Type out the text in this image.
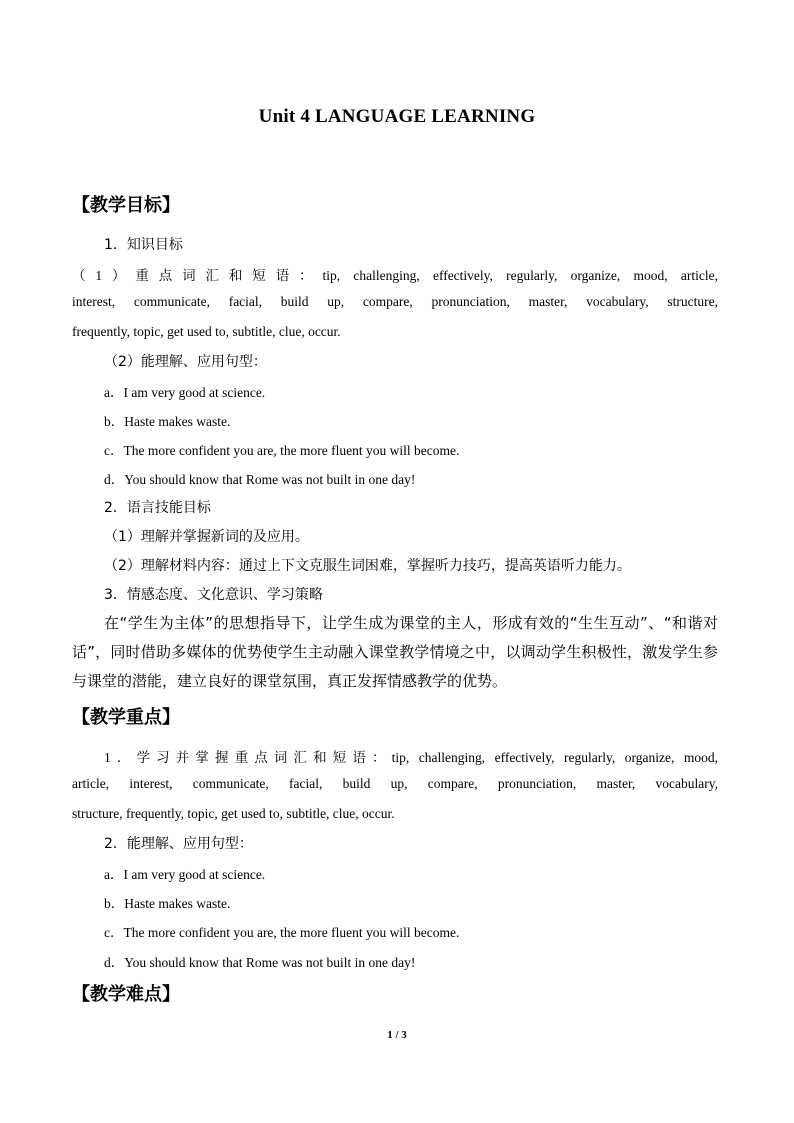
Unit 4 LANGUAGE LEARNING
【教学目标】
1．知识目标
（1）重点词汇和短语：tip, challenging, effectively, regularly, organize, mood, article,
interest, communicate, facial, build up, compare, pronunciation, master, vocabulary, structure,
frequently, topic, get used to, subtitle, clue, occur.
（2）能理解、应用句型：
a．I am very good at science.
b．Haste makes waste.
c．The more confident you are, the more fluent you will become.
d．You should know that Rome was not built in one day!
2．语言技能目标
（1）理解并掌握新词的及应用。
（2）理解材料内容：通过上下文克服生词困难，掌握听力技巧，提高英语听力能力。
3．情感态度、文化意识、学习策略
在“学生为主体”的思想指导下，让学生成为课堂的主人，形成有效的“生生互动”、“和谐对话”，同时借助多媒体的优势使学生主动融入课堂教学情境之中，以调动学生积极性，激发学生参与课堂的潜能，建立良好的课堂氛围，真正发挥情感教学的优势。
【教学重点】
1．学习并掌握重点词汇和短语：tip, challenging, effectively, regularly, organize, mood,
article, interest, communicate, facial, build up, compare, pronunciation, master, vocabulary,
structure, frequently, topic, get used to, subtitle, clue, occur.
2．能理解、应用句型：
a．I am very good at science.
b．Haste makes waste.
c．The more confident you are, the more fluent you will become.
d．You should know that Rome was not built in one day!
【教学难点】
1 / 3
